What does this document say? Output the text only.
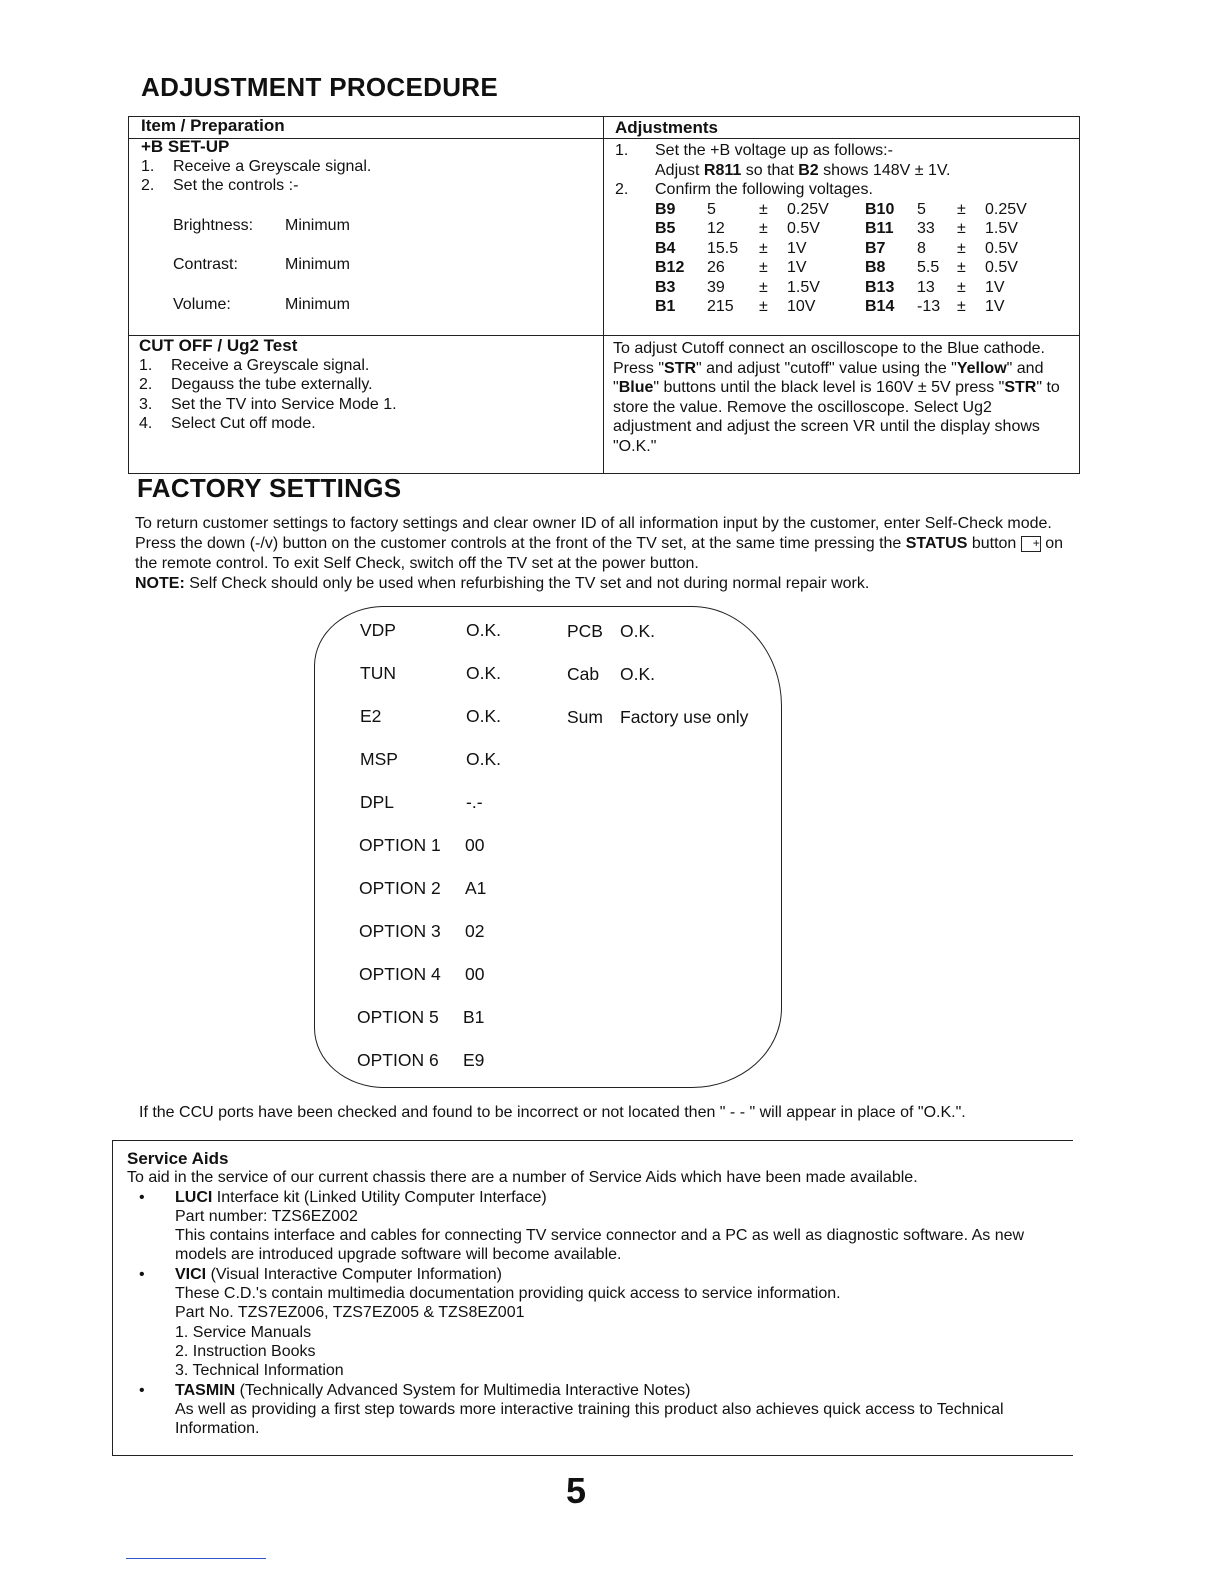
ADJUSTMENT PROCEDURE
Item / Preparation	Adjustments
+B SET-UP
1.	Receive a Greyscale signal.
2.	Set the controls :-
Brightness:	Minimum
Contrast:	Minimum
Volume:	Minimum
1.	Set the +B voltage up as follows:-
Adjust R811 so that B2 shows 148V ± 1V.
2.	Confirm the following voltages.
B9	5	±	0.25V	B10	5	±	0.25V
B5	12	±	0.5V	B11	33	±	1.5V
B4	15.5	±	1V	B7	8	±	0.5V
B12	26	±	1V	B8	5.5	±	0.5V
B3	39	±	1.5V	B13	13	±	1V
B1	215	±	10V	B14	-13	±	1V
CUT OFF / Ug2 Test
1.	Receive a Greyscale signal.
2.	Degauss the tube externally.
3.	Set the TV into Service Mode 1.
4.	Select Cut off mode.
To adjust Cutoff connect an oscilloscope to the Blue cathode. Press "STR" and adjust "cutoff" value using the "Yellow" and "Blue" buttons until the black level is 160V ± 5V press "STR" to store the value. Remove the oscilloscope. Select Ug2 adjustment and adjust the screen VR until the display shows "O.K."
FACTORY SETTINGS

To return customer settings to factory settings and clear owner ID of all information input by the customer, enter Self-Check mode. Press the down (-/v) button on the customer controls at the front of the TV set, at the same time pressing the STATUS button + on the remote control. To exit Self Check, switch off the TV set at the power button.

NOTE: Self Check should only be used when refurbishing the TV set and not during normal repair work.

VDP	O.K.
TUN	O.K.
E2	O.K.
MSP	O.K.
DPL	-.-
OPTION 1	00
OPTION 2	A1
OPTION 3	02
OPTION 4	00
OPTION 5	B1
OPTION 6	E9
PCB O.K.
Cab	O.K.
Sum Factory use only
If the CCU ports have been checked and found to be incorrect or not located then " - - " will appear in place of "O.K.".

Service Aids

To aid in the service of our current chassis there are a number of Service Aids which have been made available.

• LUCI Interface kit (Linked Utility Computer Interface)

Part number: TZS6EZ002

This contains interface and cables for connecting TV service connector and a PC as well as diagnostic software. As new models are introduced upgrade software will become available.

• VICI (Visual Interactive Computer Information)

These C.D.'s contain multimedia documentation providing quick access to service information.

Part No. TZS7EZ006, TZS7EZ005 & TZS8EZ001

1. Service Manuals

2. Instruction Books

3. Technical Information

• TASMIN (Technically Advanced System for Multimedia Interactive Notes)

As well as providing a first step towards more interactive training this product also achieves quick access to Technical Information.

5
